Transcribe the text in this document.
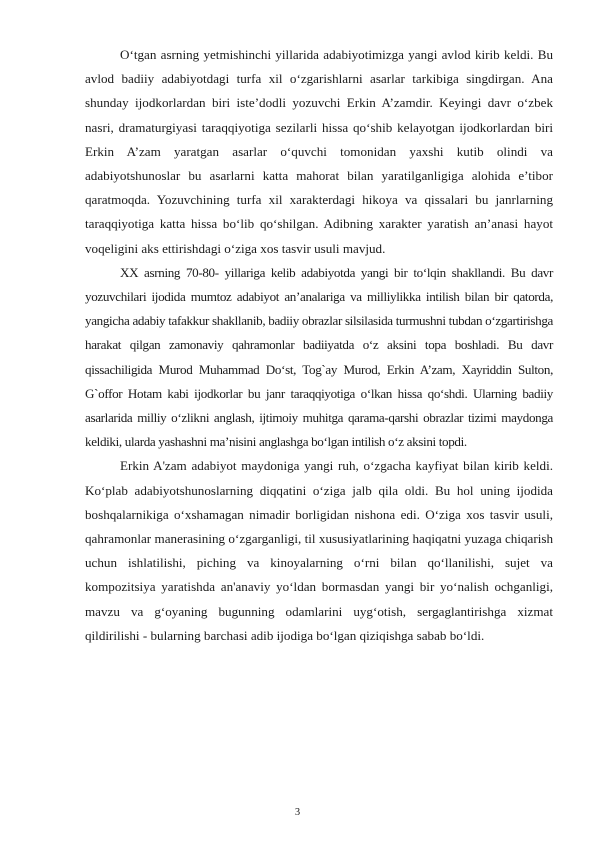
O‘tgan asrning yetmishinchi yillarida adabiyotimizga yangi avlod kirib keldi. Bu avlod badiiy adabiyotdagi turfa xil o‘zgarishlarni asarlar tarkibiga singdirgan. Ana shunday ijodkorlardan biri iste’dodli yozuvchi Erkin A’zamdir. Keyingi davr o‘zbek nasri, dramaturgiyasi taraqqiyotiga sezilarli hissa qo‘shib kelayotgan ijodkorlardan biri Erkin A’zam yaratgan asarlar o‘quvchi tomonidan yaxshi kutib olindi va adabiyotshunoslar bu asarlarni katta mahorat bilan yaratilganligiga alohida e’tibor qaratmoqda. Yozuvchining turfa xil xarakterdagi hikoya va qissalari bu janrlarning taraqqiyotiga katta hissa bo‘lib qo‘shilgan. Adibning xarakter yaratish an’anasi hayot voqeligini aks ettirishdagi o‘ziga xos tasvir usuli mavjud.

XX asrning 70-80- yillariga kelib adabiyotda yangi bir to‘lqin shakllandi. Bu davr yozuvchilari ijodida mumtoz adabiyot an’analariga va milliylikka intilish bilan bir qatorda, yangicha adabiy tafakkur shakllanib, badiiy obrazlar silsilasida turmushni tubdan o‘zgartirishga harakat qilgan zamonaviy qahramonlar badiiyatda o‘z aksini topa boshladi. Bu davr qissachiligida Murod Muhammad Do‘st, Tog`ay Murod, Erkin A’zam, Xayriddin Sulton, G`offor Hotam kabi ijodkorlar bu janr taraqqiyotiga o‘lkan hissa qo‘shdi. Ularning badiiy asarlarida milliy o‘zlikni anglash, ijtimoiy muhitga qarama-qarshi obrazlar tizimi maydonga keldiki, ularda yashashni ma’nisini anglashga bo‘lgan intilish o‘z aksini topdi.

Erkin A'zam adabiyot maydoniga yangi ruh, o‘zgacha kayfiyat bilan kirib keldi. Ko‘plab adabiyotshunoslarning diqqatini o‘ziga jalb qila oldi. Bu hol uning ijodida boshqalarnikiga o‘xshamagan nimadir borligidan nishona edi. O‘ziga xos tasvir usuli, qahramonlar manerasining o‘zgarganligi, til xususiyatlarining haqiqatni yuzaga chiqarish uchun ishlatilishi, piching va kinoyalarning o‘rni bilan qo‘llanilishi, sujet va kompozitsiya yaratishda an'anaviy yo‘ldan bormasdan yangi bir yo‘nalish ochganligi, mavzu va g‘oyaning bugunning odamlarini uyg‘otish, sergaglantirishga xizmat qildirilishi - bularning barchasi adib ijodiga bo‘lgan qiziqishga sabab bo‘ldi.

3
